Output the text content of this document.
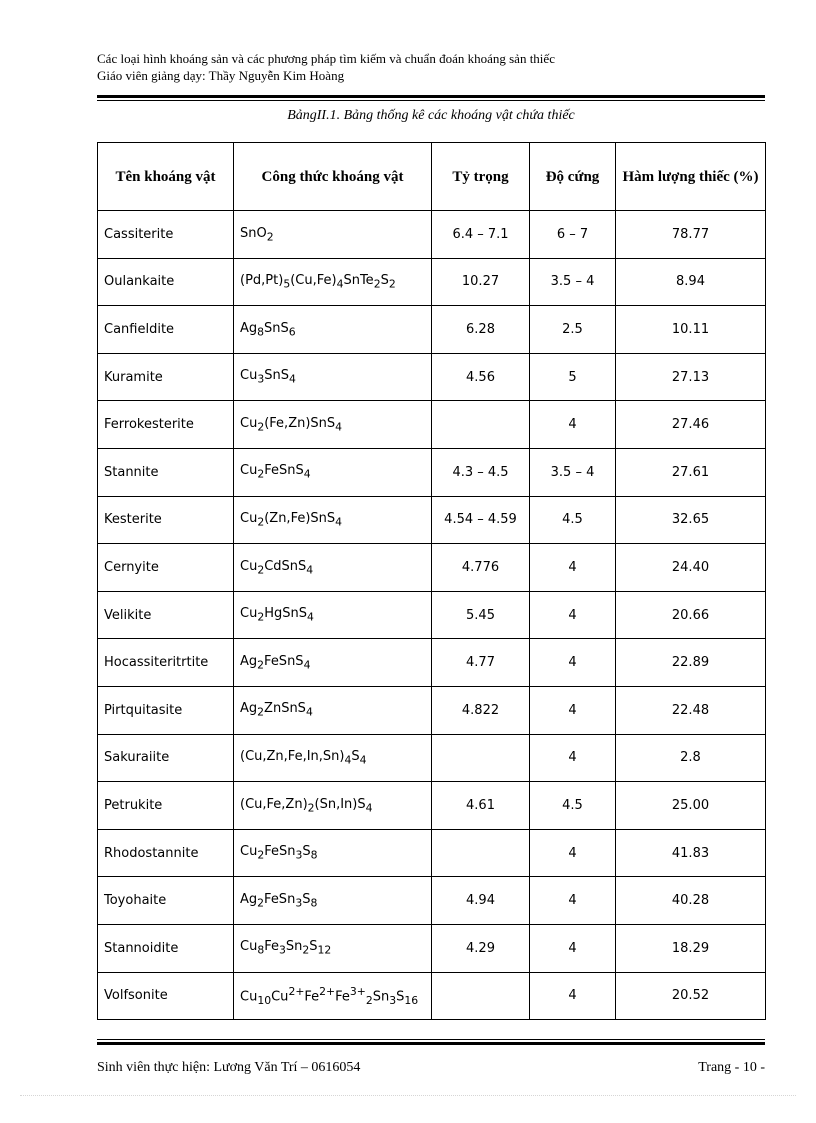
Các loại hình khoáng sản và các phương pháp tìm kiếm và chuẩn đoán khoáng sản thiếc
Giáo viên giảng dạy: Thầy Nguyễn Kim Hoàng
BảngII.1. Bảng thống kê các khoáng vật chứa thiếc
Tên khoáng vật	Công thức khoáng vật	Tỷ trọng	Độ cứng	Hàm lượng thiếc (%)
Cassiterite	SnO$_2$	6.4 – 7.1	6 – 7	78.77
Oulankaite	$(Pd,Pt)_5(Cu,Fe)_4SnTe_2S_2$	10.27	3.5 – 4	8.94
Canfieldite	$Ag_8SnS_6$	6.28	2.5	10.11
Kuramite	$Cu_3SnS_4$	4.56	5	27.13
Ferrokesterite	$Cu_2(Fe,Zn)SnS_4$		4	27.46
Stannite	$Cu_2FeSnS_4$	4.3 – 4.5	3.5 – 4	27.61
Kesterite	$Cu_2(Zn,Fe)SnS_4$	4.54 – 4.59	4.5	32.65
Cernyite	$Cu_2CdSnS_4$	4.776	4	24.40
Velikite	$Cu_2HgSnS_4$	5.45	4	20.66
Hocassiteritrtite	$Ag_2FeSnS_4$	4.77	4	22.89
Pirtquitasite	$Ag_2ZnSnS_4$	4.822	4	22.48
Sakuraiite	$(Cu,Zn,Fe,In,Sn)_4S_4$		4	2.8
Petrukite	$(Cu,Fe,Zn)_2(Sn,In)S_4$	4.61	4.5	25.00
Rhodostannite	$Cu_2FeSn_3S_8$		4	41.83
Toyohaite	$Ag_2FeSn_3S_8$	4.94	4	40.28
Stannoidite	$Cu_8Fe_3Sn_2S_{12}$	4.29	4	18.29
Volfsonite	$Cu_{10}Cu^{2+}Fe^{2+}Fe^{3+}_2Sn_3S_{16}$		4	20.52
Sinh viên thực hiện: Lương Văn Trí – 0616054	Trang - 10 -
